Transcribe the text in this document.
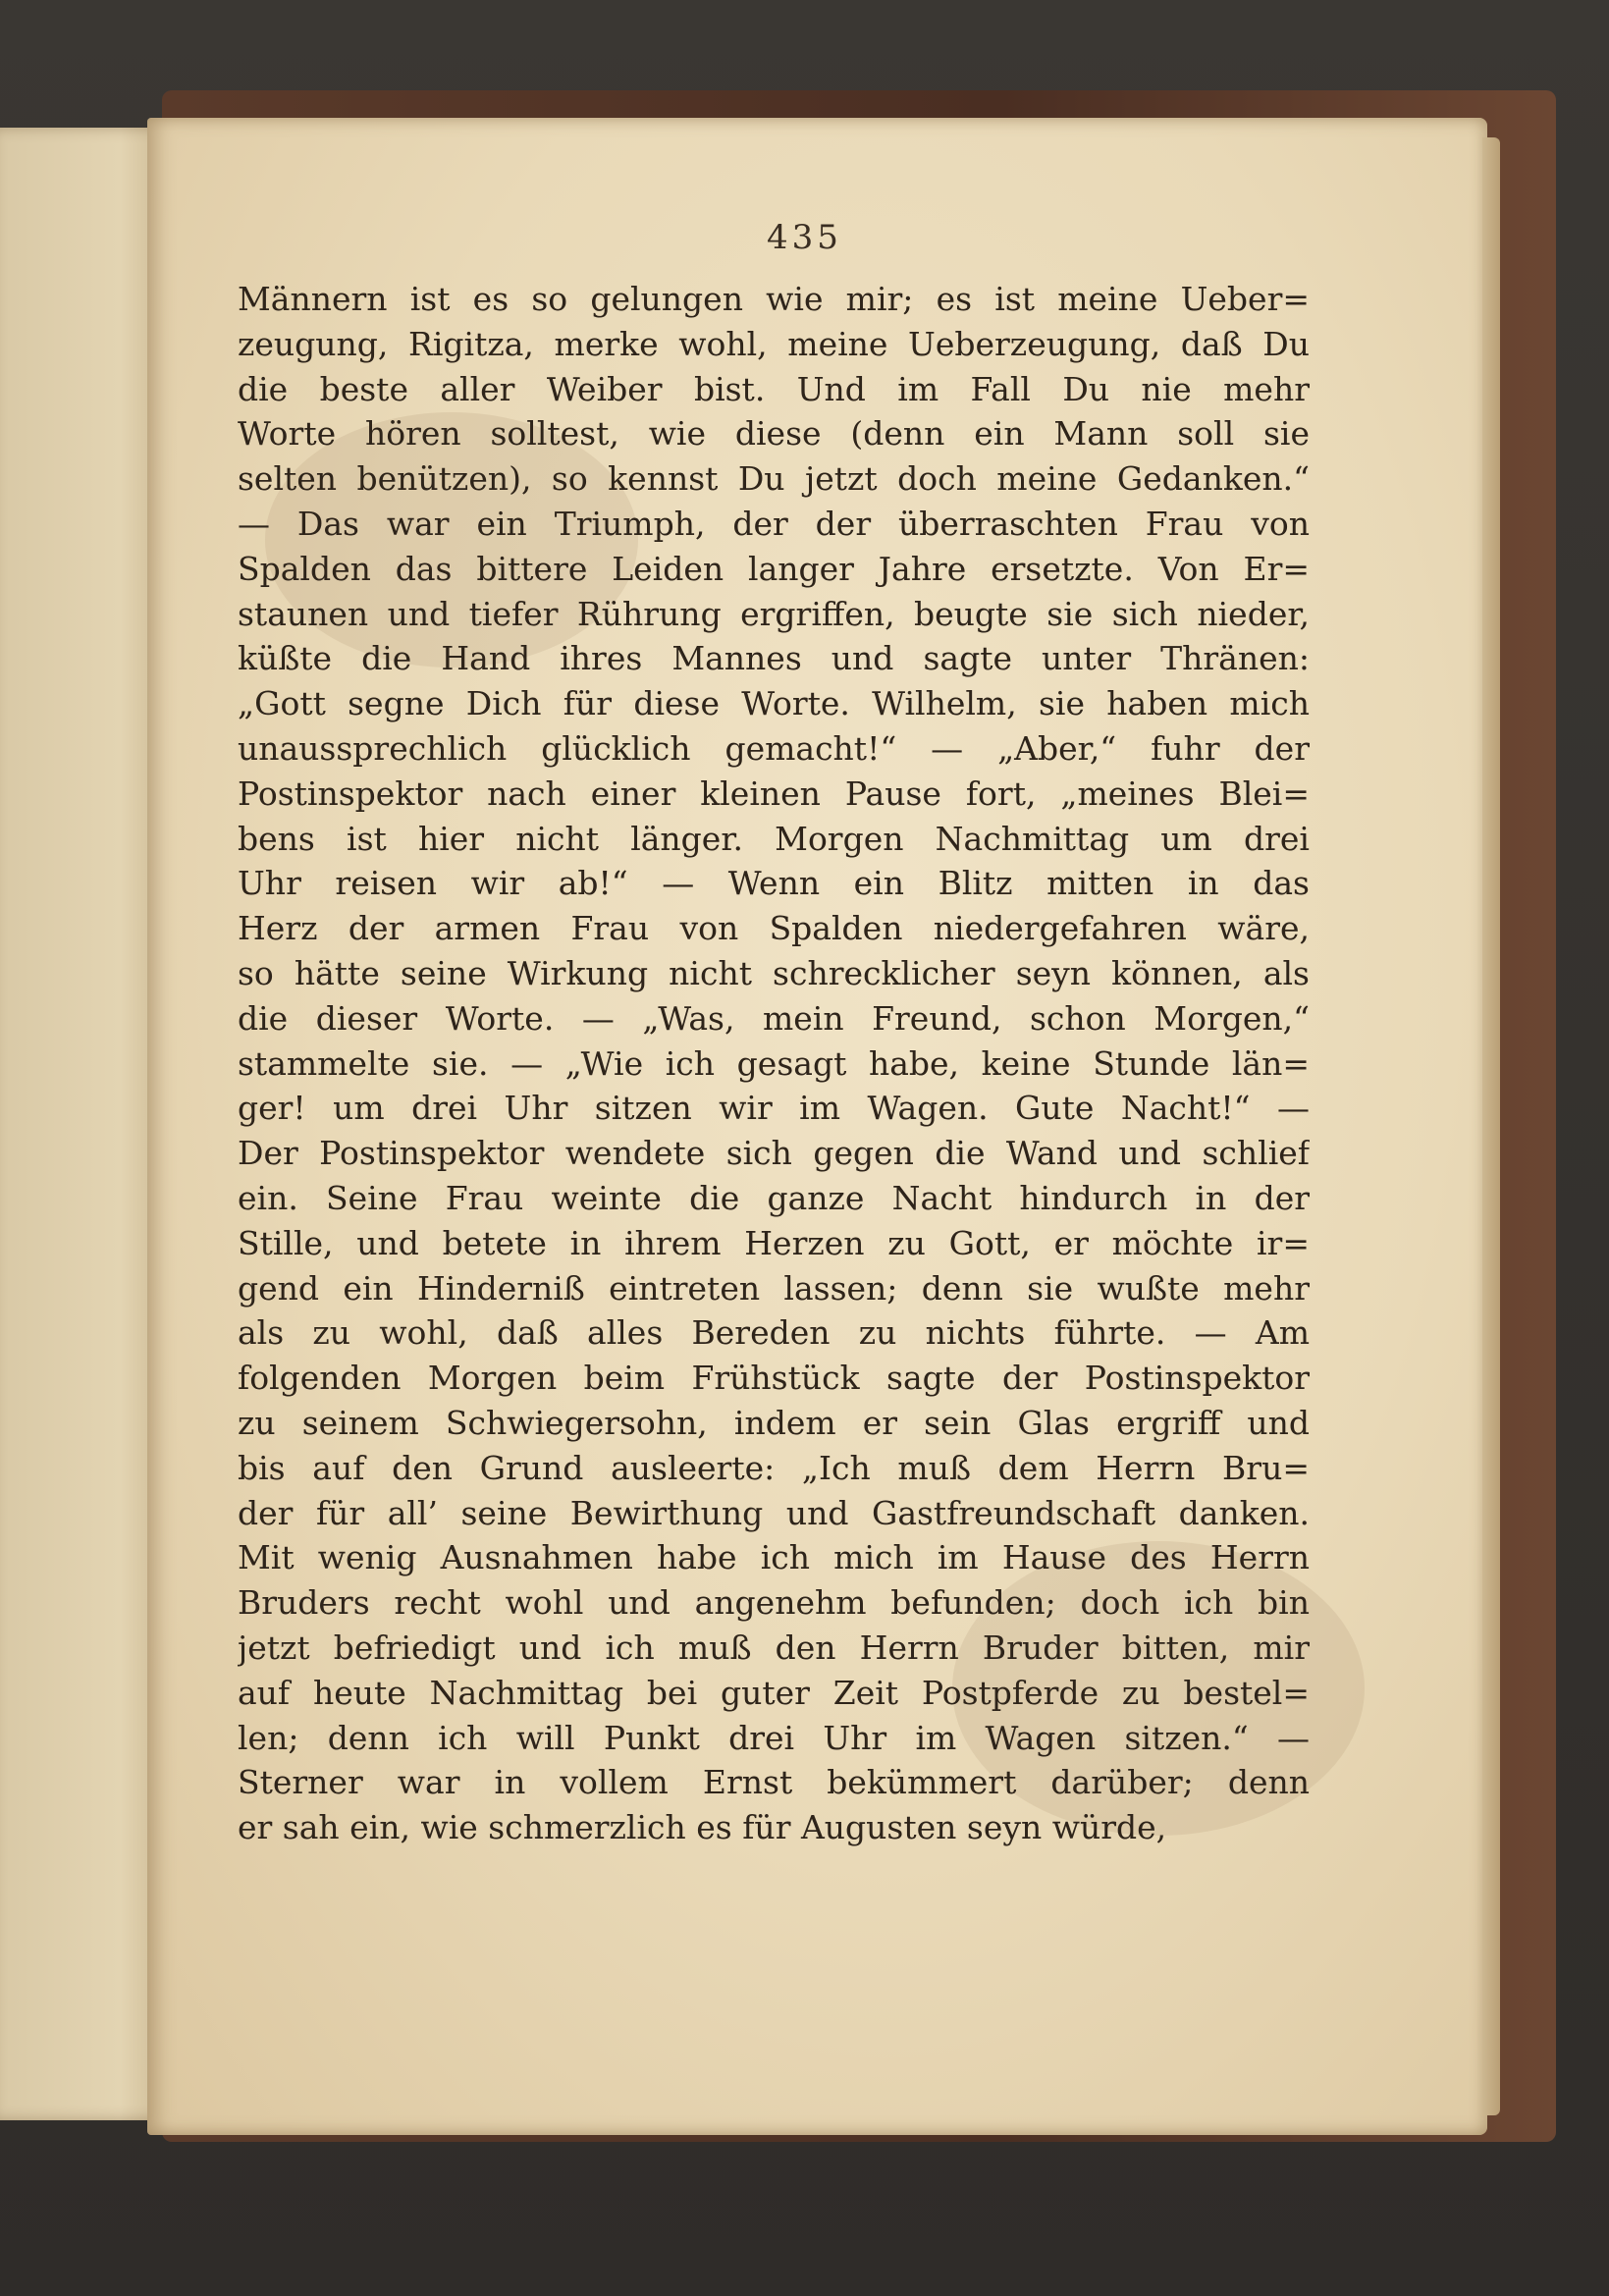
435
Männern ist es so gelungen wie mir; es ist meine Ueber=
zeugung, Rigitza, merke wohl, meine Ueberzeugung, daß Du
die beste aller Weiber bist. Und im Fall Du nie mehr
Worte hören solltest, wie diese (denn ein Mann soll sie
selten benützen), so kennst Du jetzt doch meine Gedanken.“
— Das war ein Triumph, der der überraschten Frau von
Spalden das bittere Leiden langer Jahre ersetzte. Von Er=
staunen und tiefer Rührung ergriffen, beugte sie sich nieder,
küßte die Hand ihres Mannes und sagte unter Thränen:
„Gott segne Dich für diese Worte. Wilhelm, sie haben mich
unaussprechlich glücklich gemacht!“ — „Aber,“ fuhr der
Postinspektor nach einer kleinen Pause fort, „meines Blei=
bens ist hier nicht länger. Morgen Nachmittag um drei
Uhr reisen wir ab!“ — Wenn ein Blitz mitten in das
Herz der armen Frau von Spalden niedergefahren wäre,
so hätte seine Wirkung nicht schrecklicher seyn können, als
die dieser Worte. — „Was, mein Freund, schon Morgen,“
stammelte sie. — „Wie ich gesagt habe, keine Stunde län=
ger! um drei Uhr sitzen wir im Wagen. Gute Nacht!“ —
Der Postinspektor wendete sich gegen die Wand und schlief
ein. Seine Frau weinte die ganze Nacht hindurch in der
Stille, und betete in ihrem Herzen zu Gott, er möchte ir=
gend ein Hinderniß eintreten lassen; denn sie wußte mehr
als zu wohl, daß alles Bereden zu nichts führte. — Am
folgenden Morgen beim Frühstück sagte der Postinspektor
zu seinem Schwiegersohn, indem er sein Glas ergriff und
bis auf den Grund ausleerte: „Ich muß dem Herrn Bru=
der für all’ seine Bewirthung und Gastfreundschaft danken.
Mit wenig Ausnahmen habe ich mich im Hause des Herrn
Bruders recht wohl und angenehm befunden; doch ich bin
jetzt befriedigt und ich muß den Herrn Bruder bitten, mir
auf heute Nachmittag bei guter Zeit Postpferde zu bestel=
len; denn ich will Punkt drei Uhr im Wagen sitzen.“ —
Sterner war in vollem Ernst bekümmert darüber; denn
er sah ein, wie schmerzlich es für Augusten seyn würde,
